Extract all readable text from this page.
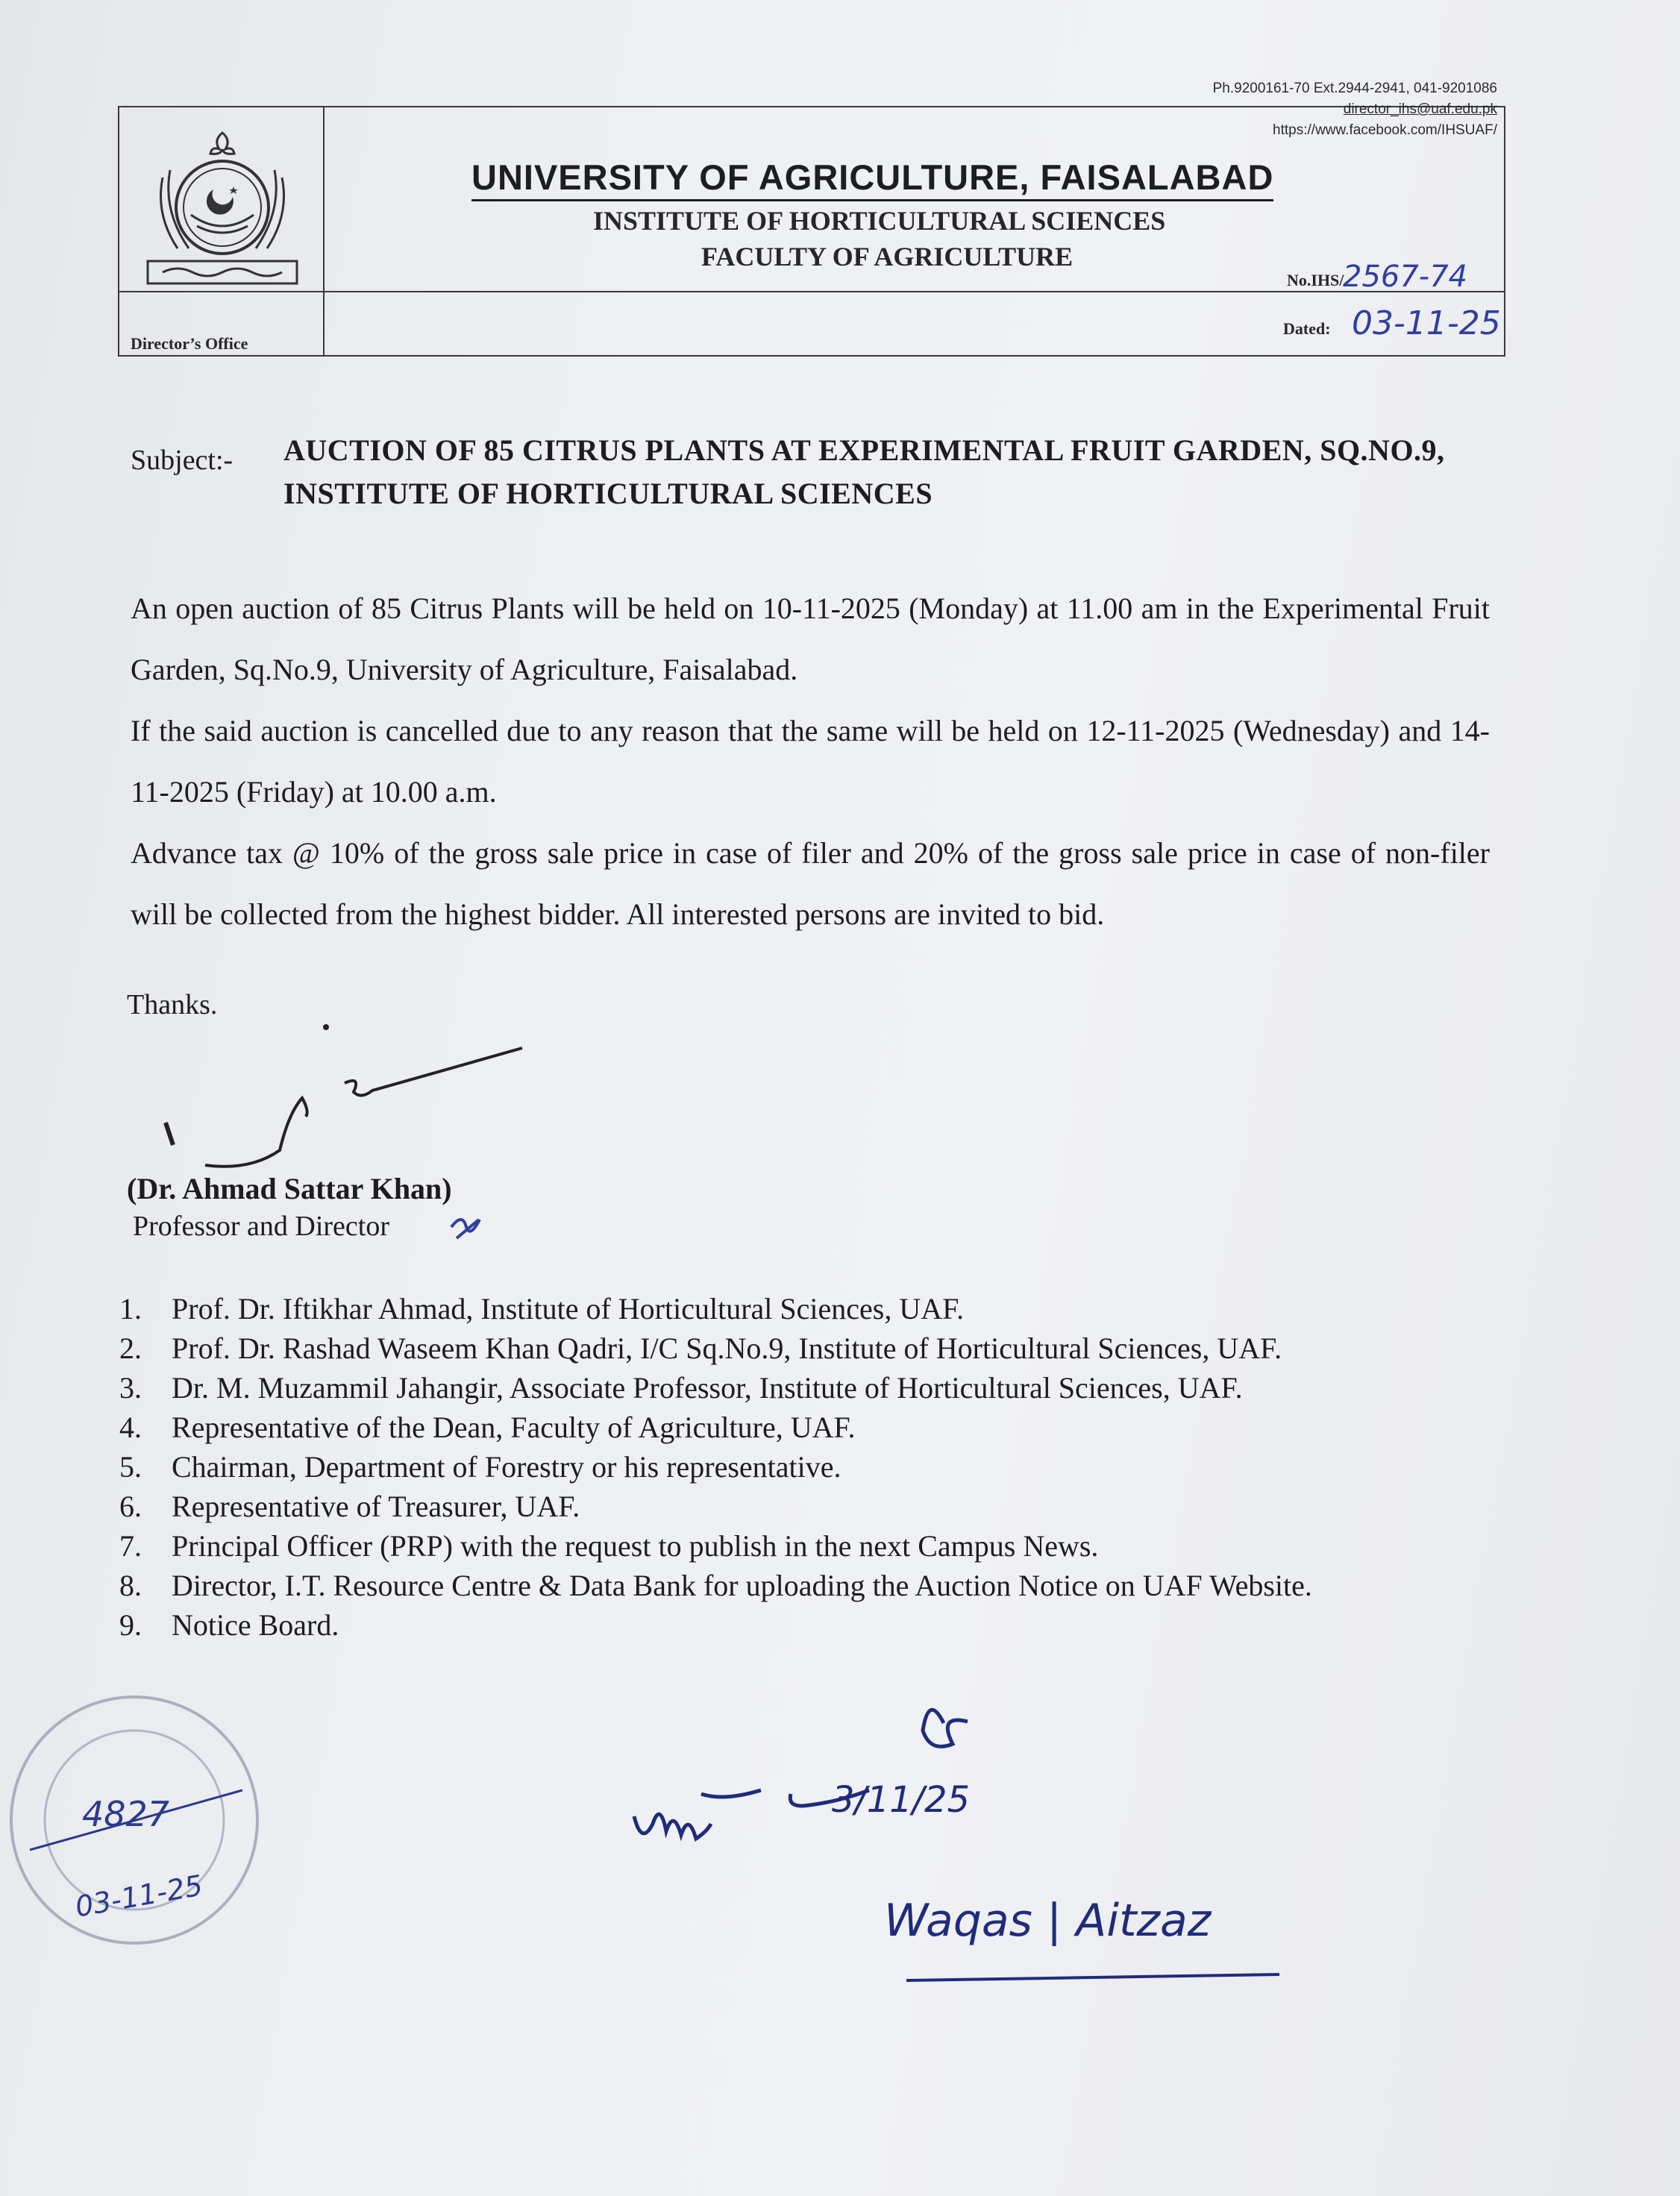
Ph.9200161-70 Ext.2944-2941, 041-9201086
director_ihs@uaf.edu.pk
https://www.facebook.com/IHSUAF/
UNIVERSITY OF AGRICULTURE, FAISALABAD
INSTITUTE OF HORTICULTURAL SCIENCES
FACULTY OF AGRICULTURE
No.IHS/
2567-74
Dated: 03-11-25
Director’s Office
Subject:- AUCTION OF 85 CITRUS PLANTS AT EXPERIMENTAL FRUIT GARDEN, SQ.NO.9, INSTITUTE OF HORTICULTURAL SCIENCES
An open auction of 85 Citrus Plants will be held on 10-11-2025 (Monday) at 11.00 am in the Experimental Fruit Garden, Sq.No.9, University of Agriculture, Faisalabad.
If the said auction is cancelled due to any reason that the same will be held on 12-11-2025 (Wednesday) and 14-11-2025 (Friday) at 10.00 a.m.
Advance tax @ 10% of the gross sale price in case of filer and 20% of the gross sale price in case of non-filer will be collected from the highest bidder. All interested persons are invited to bid.
Thanks.
(Dr. Ahmad Sattar Khan)
Professor and Director
1.	Prof. Dr. Iftikhar Ahmad, Institute of Horticultural Sciences, UAF.
2.	Prof. Dr. Rashad Waseem Khan Qadri, I/C Sq.No.9, Institute of Horticultural Sciences, UAF.
3.	Dr. M. Muzammil Jahangir, Associate Professor, Institute of Horticultural Sciences, UAF.
4.	Representative of the Dean, Faculty of Agriculture, UAF.
5.	Chairman, Department of Forestry or his representative.
6.	Representative of Treasurer, UAF.
7.	Principal Officer (PRP) with the request to publish in the next Campus News.
8.	Director, I.T. Resource Centre & Data Bank for uploading the Auction Notice on UAF Website.
9.	Notice Board.
4827
03-11-25
3/11/25
Waqas | Aitzaz
